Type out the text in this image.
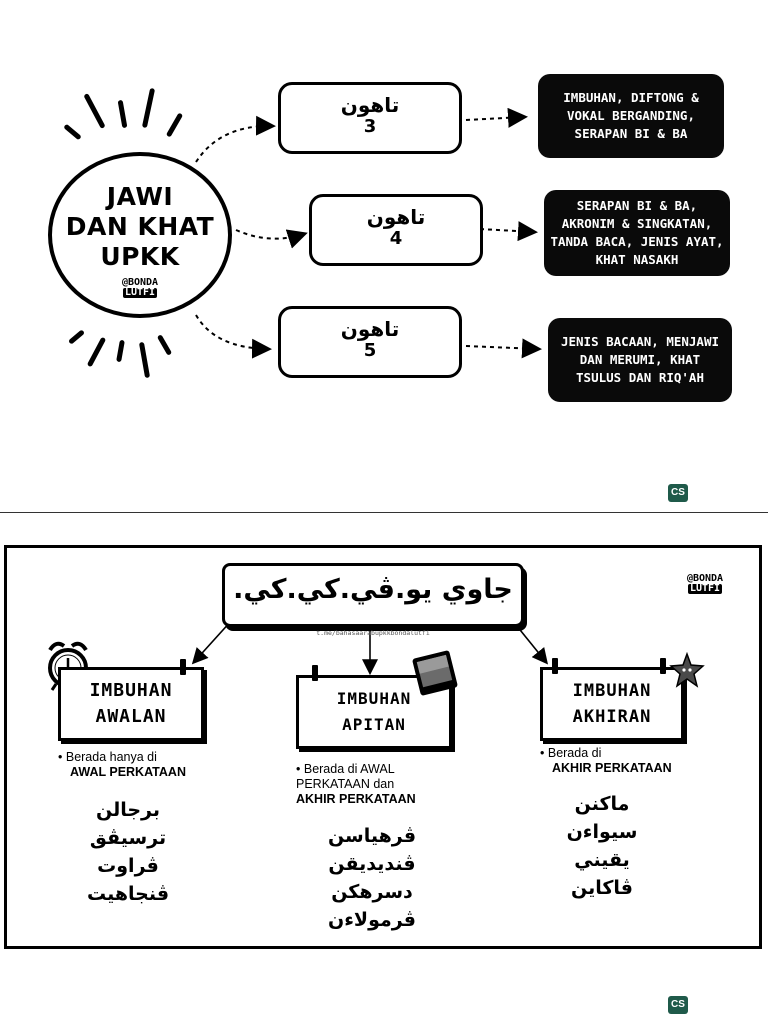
JAWI
DAN KHAT
UPKK
@BONDA
LUTFI
تاهون
3
تاهون
4
تاهون
5
IMBUHAN, DIFTONG & VOKAL BERGANDING, SERAPAN BI & BA
SERAPAN BI & BA, AKRONIM & SINGKATAN, TANDA BACA, JENIS AYAT, KHAT NASAKH
JENIS BACAAN, MENJAWI DAN MERUMI, KHAT TSULUS DAN RIQ'AH
CS
جاوي يو.ڤي.كي.كي.
t.me/bahasaarabupkkbondalutfi
@BONDA
LUTFI
IMBUHAN AWALAN
• Berada hanya di
AWAL PERKATAAN
برجالن
ترسيڤق
ڤراوت
ڤنجاهيت
IMBUHAN APITAN
• Berada di AWAL PERKATAAN dan
AKHIR PERKATAAN
ڤرهياسن
ڤنديديقن
دسرهكن
ڤرمولاءن
IMBUHAN AKHIRAN
• Berada di
AKHIR PERKATAAN
ماكنن
سيواءن
يقيني
ڤاكاين
CS
